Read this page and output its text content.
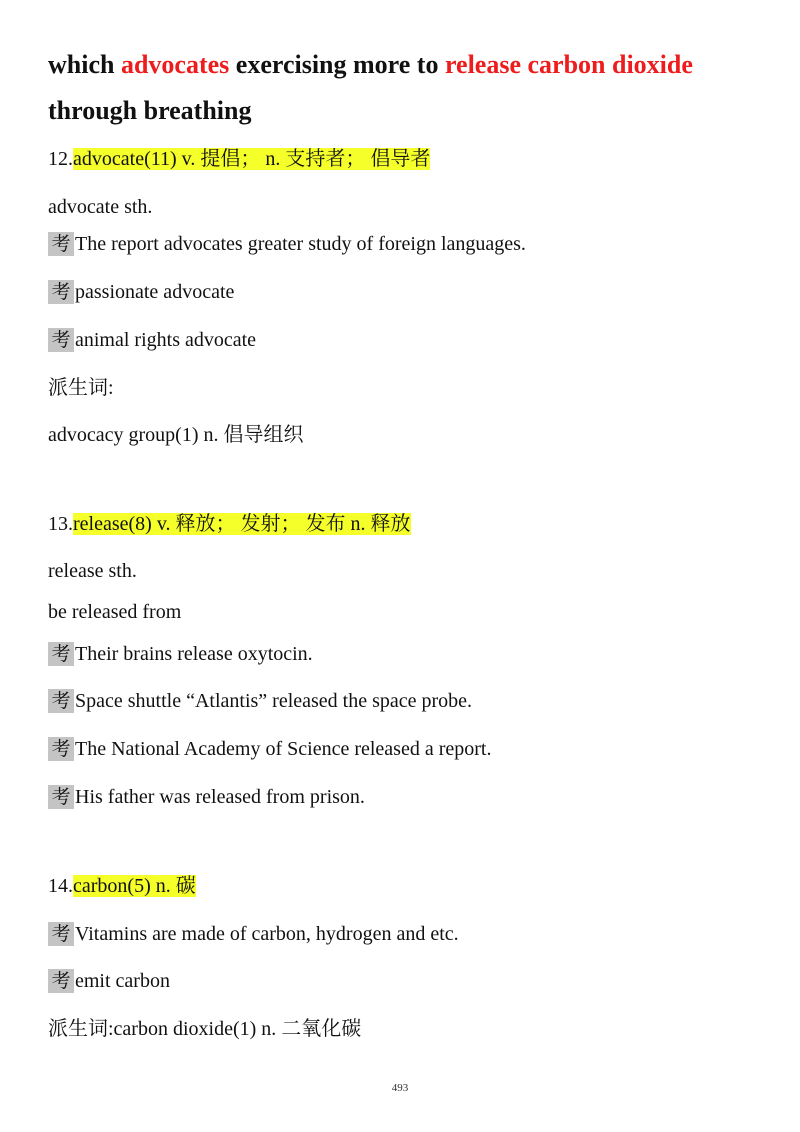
which advocates exercising more to release carbon dioxide
through breathing
12.advocate(11) v. 提倡； n. 支持者； 倡导者
advocate sth.
考 The report advocates greater study of foreign languages.
考 passionate advocate
考 animal rights advocate
派生词:
advocacy group(1) n. 倡导组织
13.release(8) v. 释放； 发射； 发布 n. 释放
release sth.
be released from
考 Their brains release oxytocin.
考 Space shuttle “Atlantis” released the space probe.
考 The National Academy of Science released a report.
考 His father was released from prison.
14.carbon(5) n. 碳
考 Vitamins are made of carbon, hydrogen and etc.
考 emit carbon
派生词:carbon dioxide(1) n. 二氧化碳
493
